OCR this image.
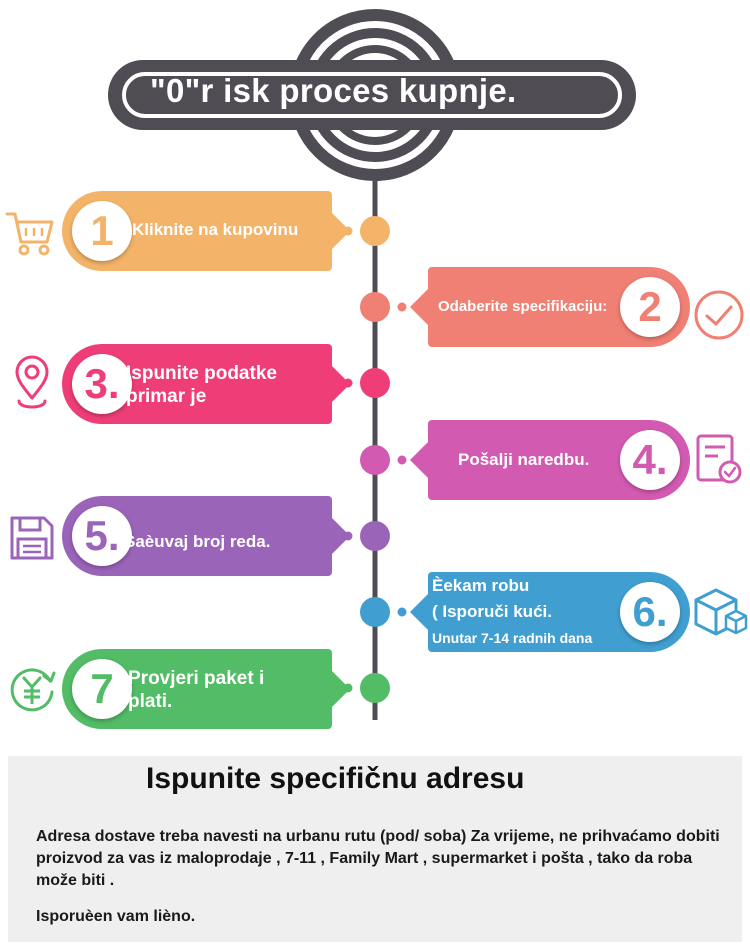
"0"r isk proces kupnje.
1	Kliknite na kupovinu
2
Odaberite specifikaciju:
3. Ispunite podatke
primar je
4.
Pošalji naredbu.
5. Saèuvaj broj reda.
6.
Èekam robu
( Isporuči kući.
Unutar 7-14 radnih dana
7 Provjeri paket i
plati.
Ispunite specifičnu adresu
Adresa dostave treba navesti na urbanu rutu (pod/ soba) Za vrijeme, ne prihvaćamo dobiti proizvod za vas iz maloprodaje , 7-11 , Family Mart , supermarket i pošta , tako da roba može biti .
Isporuèen vam lièno.
